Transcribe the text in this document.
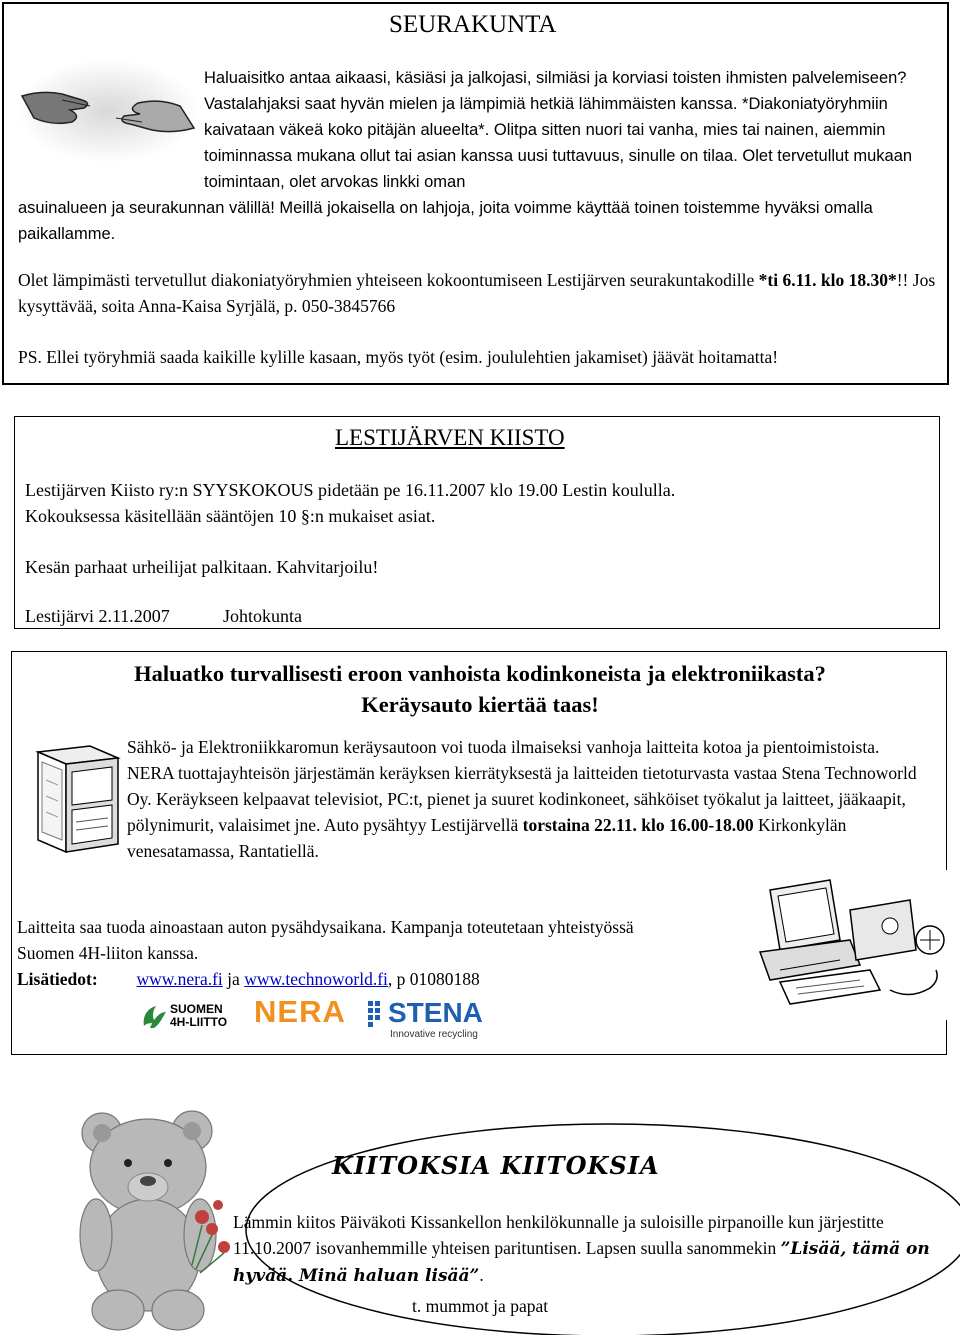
SEURAKUNTA
Haluaisitko antaa aikaasi, käsiäsi ja jalkojasi, silmiäsi ja korviasi toisten ihmisten palvelemiseen? Vastalahjaksi saat hyvän mielen ja lämpimiä hetkiä lähimmäisten kanssa. *Diakoniatyöryhmiin kaivataan väkeä koko pitäjän alueelta*. Olitpa sitten nuori tai vanha, mies tai nainen, aiemmin toiminnassa mukana ollut tai asian kanssa uusi tuttavuus, sinulle on tilaa. Olet tervetullut mukaan toimintaan, olet arvokas linkki oman
asuinalueen ja seurakunnan välillä! Meillä jokaisella on lahjoja, joita voimme käyttää toinen toistemme hyväksi omalla paikallamme.
Olet lämpimästi tervetullut diakoniatyöryhmien yhteiseen kokoontumiseen Lestijärven seurakuntakodille *ti 6.11. klo 18.30*!! Jos kysyttävää, soita Anna-Kaisa Syrjälä, p. 050-3845766
PS. Ellei työryhmiä saada kaikille kylille kasaan, myös työt (esim. joululehtien jakamiset) jäävät hoitamatta!
LESTIJÄRVEN KIISTO
Lestijärven Kiisto ry:n SYYSKOKOUS pidetään pe 16.11.2007 klo 19.00 Lestin koululla.
Kokouksessa käsitellään sääntöjen 10 §:n mukaiset asiat.
Kesän parhaat urheilijat palkitaan. Kahvitarjoilu!
Lestijärvi 2.11.2007	Johtokunta
Haluatko turvallisesti eroon vanhoista kodinkoneista ja elektroniikasta?
Keräysauto kiertää taas!
Sähkö- ja Elektroniikkaromun keräysautoon voi tuoda ilmaiseksi vanhoja laitteita kotoa ja pientoimistoista. NERA tuottajayhteisön järjestämän keräyksen kierrätyksestä ja laitteiden tietoturvasta vastaa Stena Technoworld Oy. Keräykseen kelpaavat televisiot, PC:t, pienet ja suuret kodinkoneet, sähköiset työkalut ja laitteet, jääkaapit, pölynimurit, valaisimet jne. Auto pysähtyy Lestijärvellä torstaina 22.11. klo 16.00-18.00 Kirkonkylän venesatamassa, Rantatiellä.
Laitteita saa tuoda ainoastaan auton pysähdysaikana. Kampanja toteutetaan yhteistyössä Suomen 4H-liiton kanssa.
Lisätiedot: www.nera.fi ja www.technoworld.fi, p 01080188
SUOMEN
4H-LIITTO NERA STENA
Innovative recycling
KIITOKSIA KIITOKSIA
Lämmin kiitos Päiväkoti Kissankellon henkilökunnalle ja suloisille pirpanoille kun järjestitte 11.10.2007 isovanhemmille yhteisen parituntisen. Lapsen suulla sanommekin ”Lisää, tämä on hyvää. Minä haluan lisää”.
t. mummot ja papat
